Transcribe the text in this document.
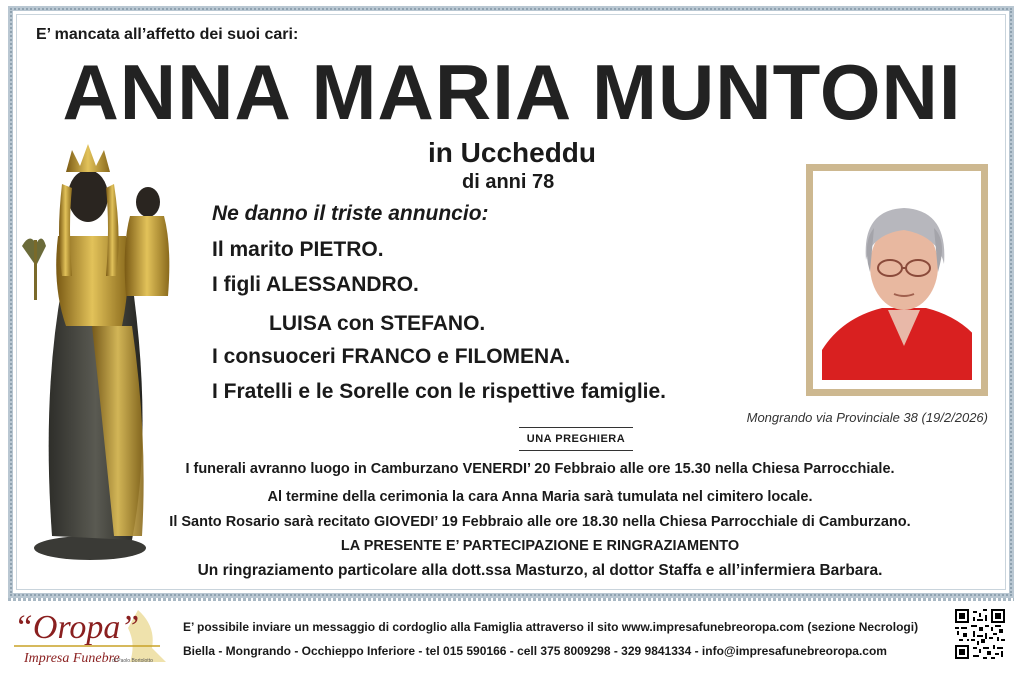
E’ mancata all’affetto dei suoi cari:
ANNA MARIA MUNTONI
in Uccheddu
di anni 78
Ne danno il triste annuncio:
Il marito PIETRO.
I figli ALESSANDRO.
LUISA con STEFANO.
I consuoceri FRANCO e FILOMENA.
I Fratelli e le Sorelle con le rispettive famiglie.
Mongrando via Provinciale 38 (19/2/2026)
UNA PREGHIERA
I funerali avranno luogo in Camburzano VENERDI’ 20 Febbraio alle ore 15.30 nella Chiesa Parrocchiale.
Al termine della cerimonia la cara Anna Maria sarà tumulata nel cimitero locale.
Il Santo Rosario sarà recitato GIOVEDI’ 19 Febbraio alle ore 18.30 nella Chiesa Parrocchiale di Camburzano.
LA PRESENTE E’ PARTECIPAZIONE E RINGRAZIAMENTO
Un ringraziamento particolare alla dott.ssa Masturzo, al dottor Staffa e all’infermiera Barbara.
“Oropa”
Impresa Funebre
di Paolo Bortolotto
E’ possibile inviare un messaggio di cordoglio alla Famiglia attraverso il sito www.impresafunebreoropa.com (sezione Necrologi)
Biella - Mongrando - Occhieppo Inferiore - tel 015 590166 - cell 375 8009298 - 329 9841334 - info@impresafunebreoropa.com
